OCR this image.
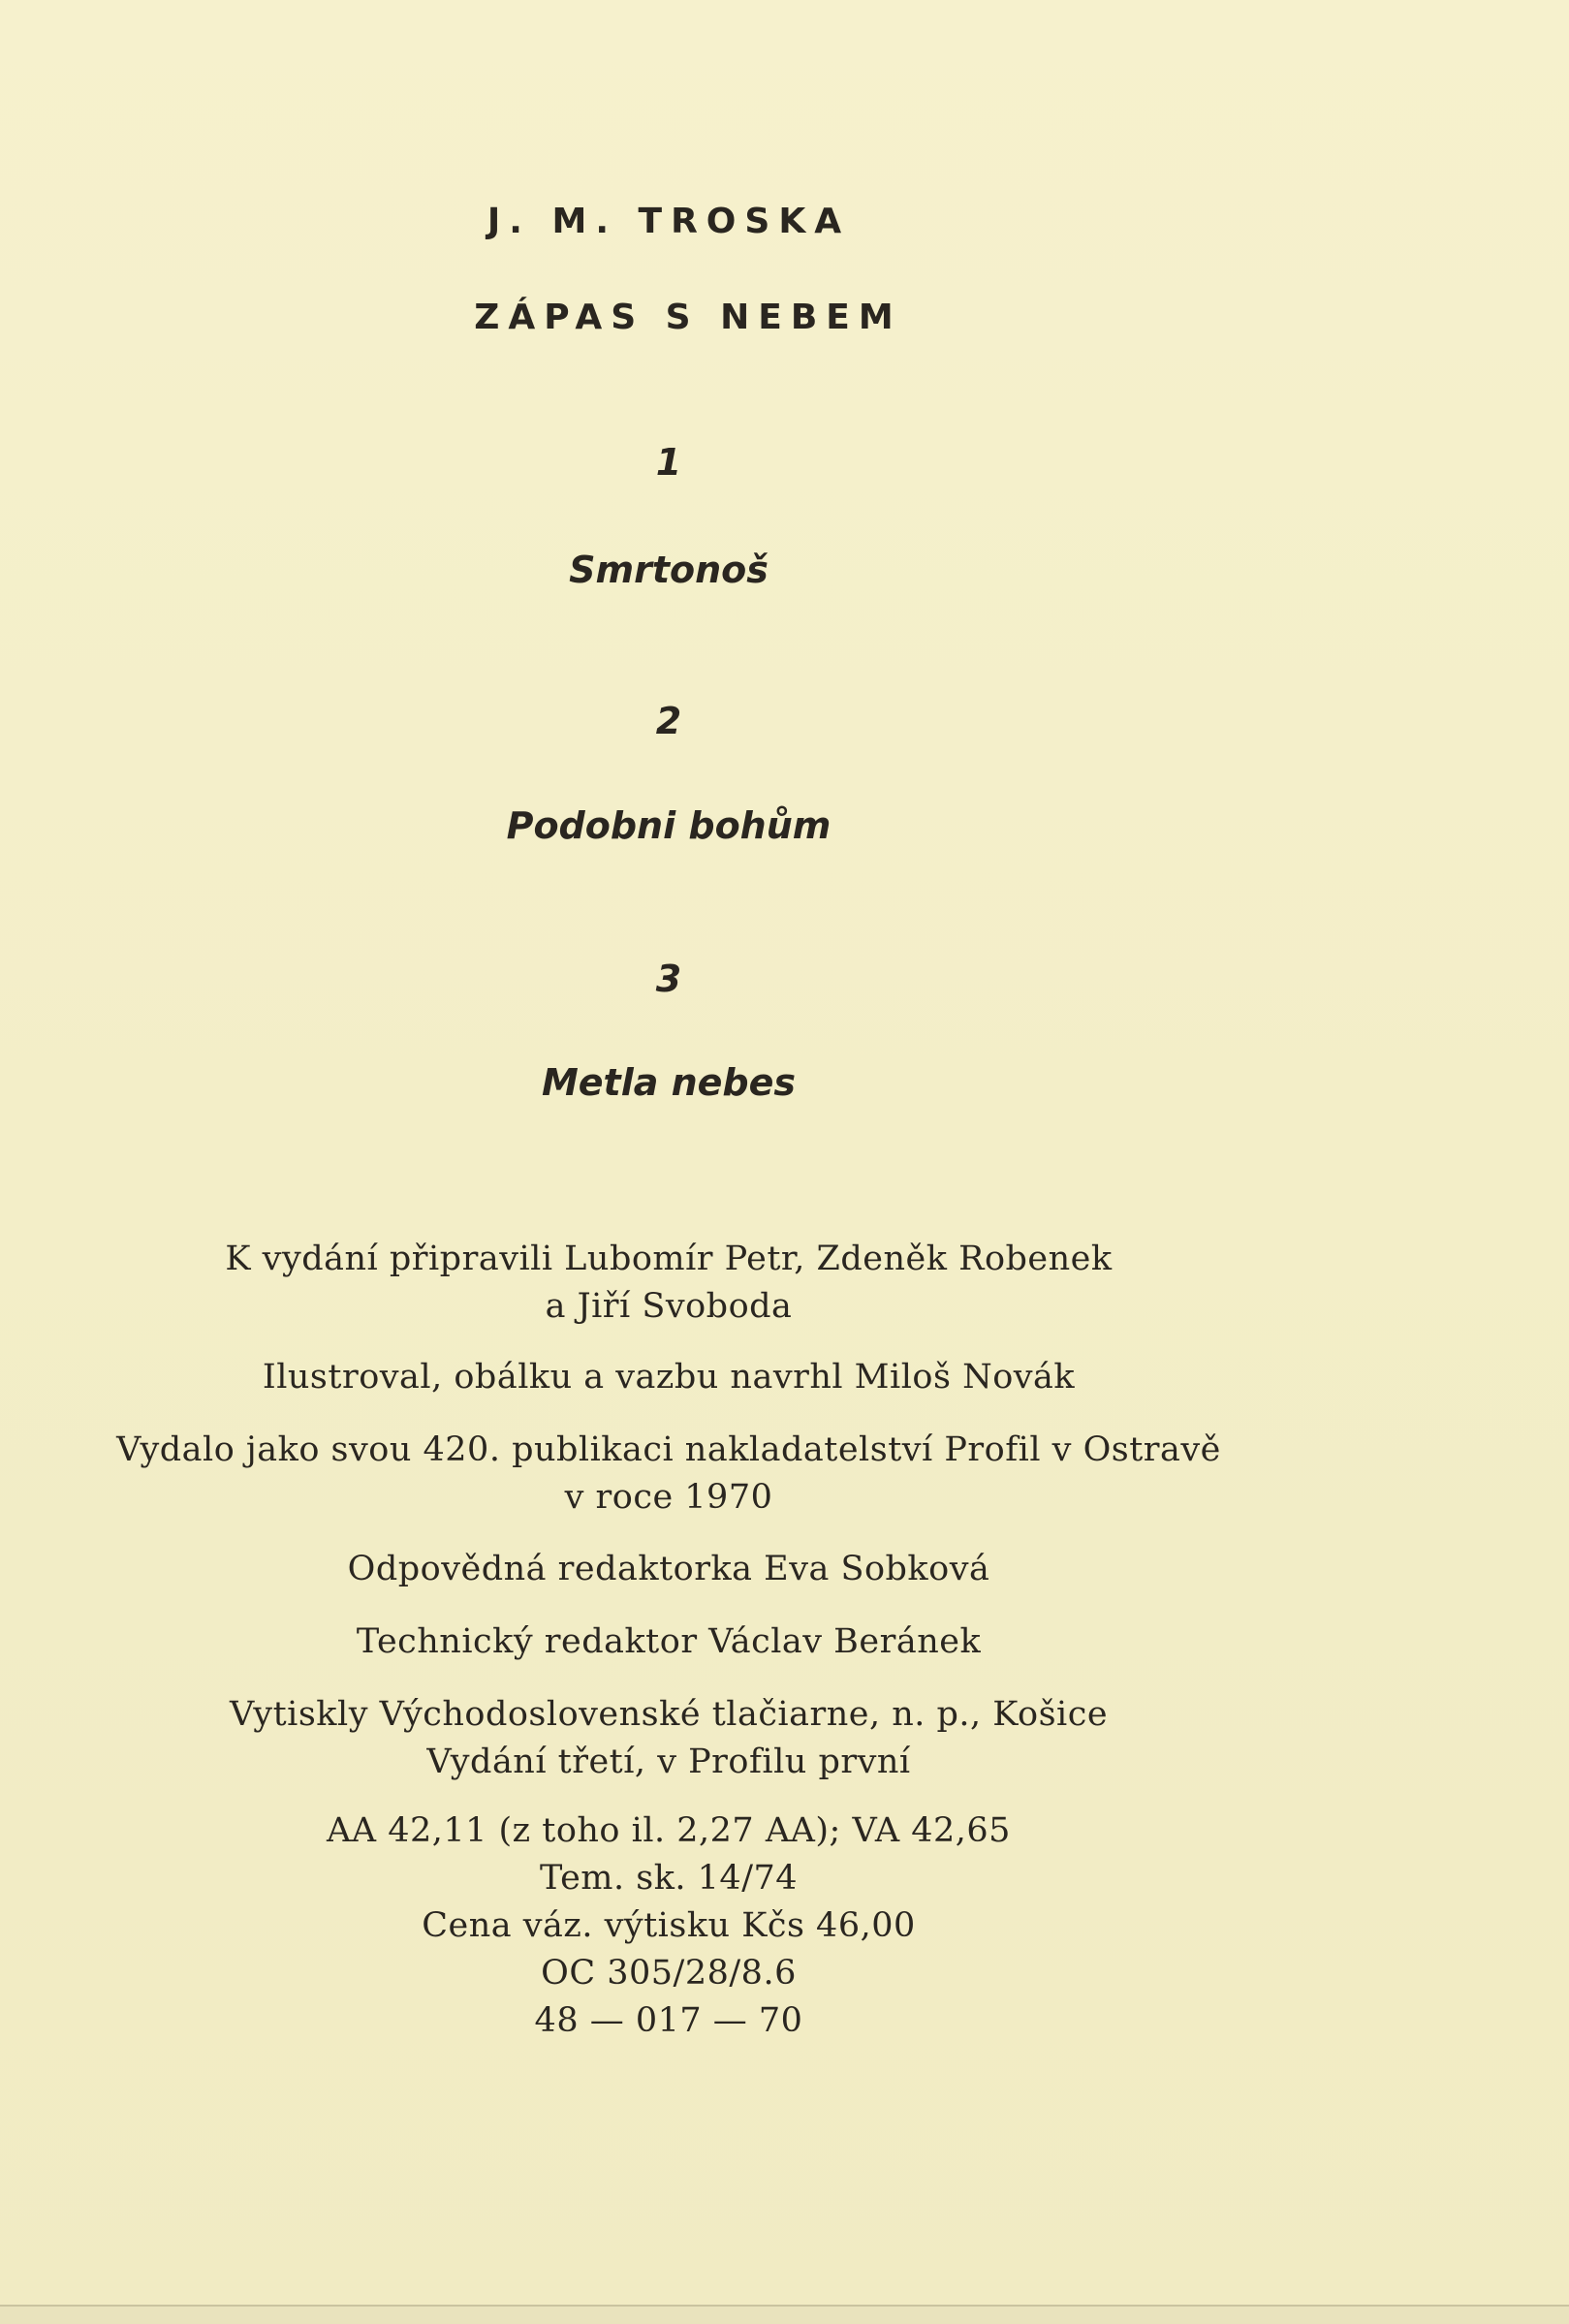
J. M. TROSKA
ZÁPAS S NEBEM
1
Smrtonoš
2
Podobni bohům
3
Metla nebes
K vydání připravili Lubomír Petr, Zdeněk Robenek
a Jiří Svoboda
Ilustroval, obálku a vazbu navrhl Miloš Novák
Vydalo jako svou 420. publikaci nakladatelství Profil v Ostravě
v roce 1970
Odpovědná redaktorka Eva Sobková
Technický redaktor Václav Beránek
Vytiskly Východoslovenské tlačiarne, n. p., Košice
Vydání třetí, v Profilu první
AA 42,11 (z toho il. 2,27 AA); VA 42,65
Tem. sk. 14/74
Cena váz. výtisku Kčs 46,00
OC 305/28/8.6
48 — 017 — 70
